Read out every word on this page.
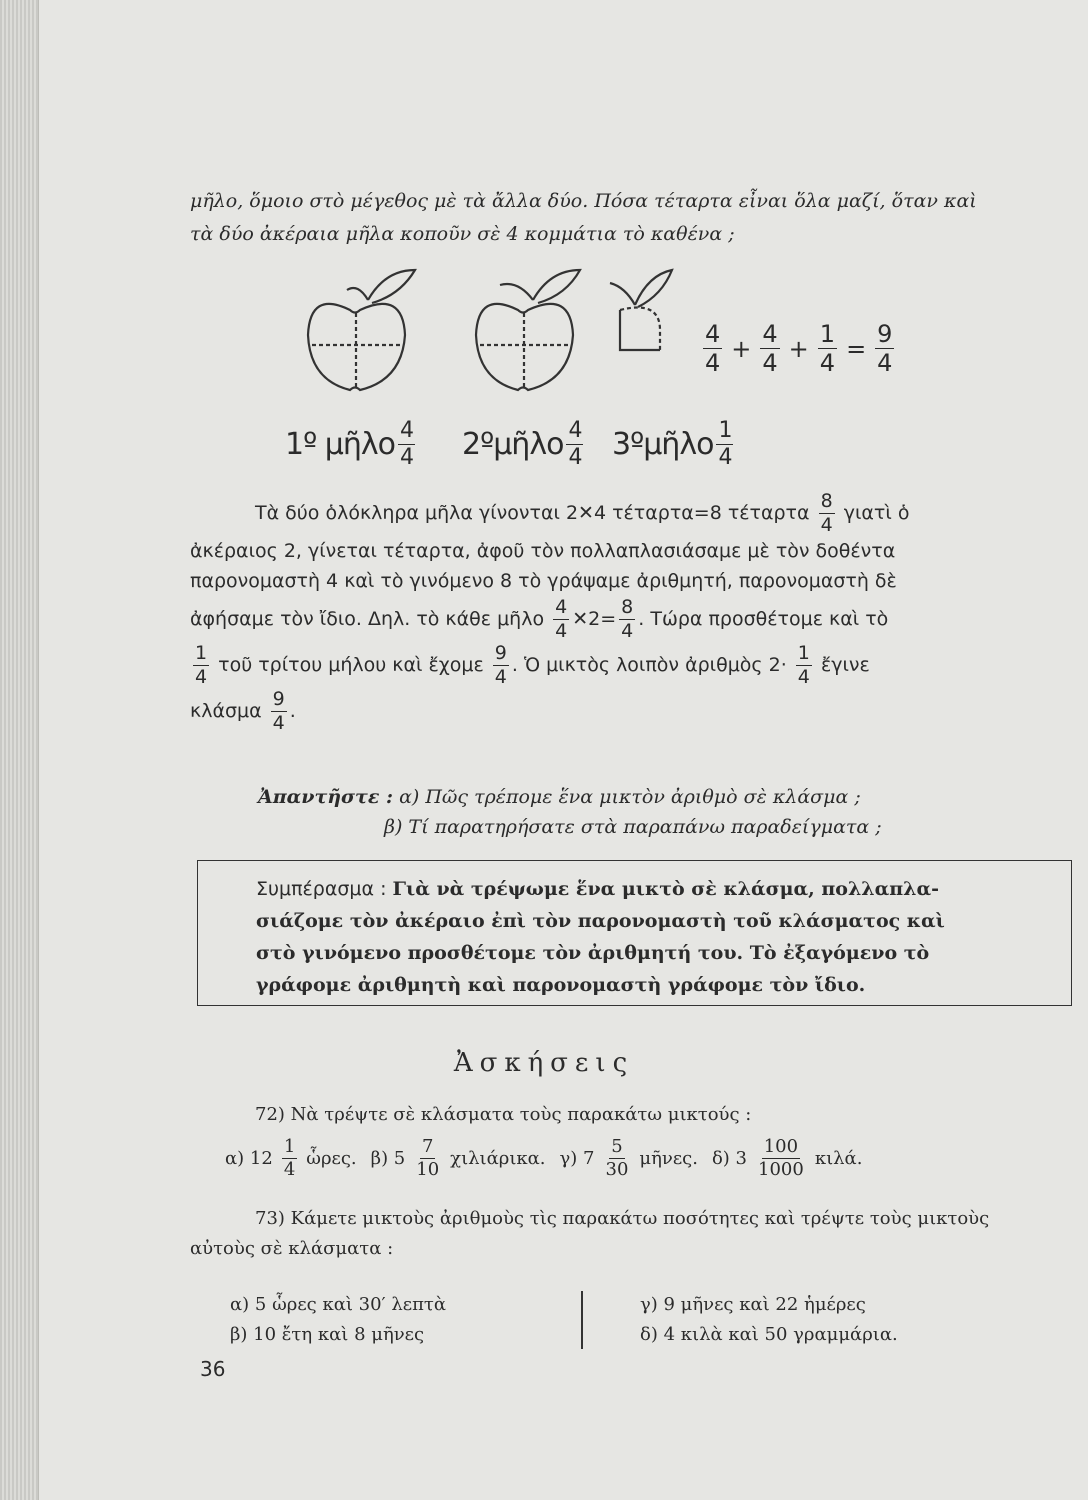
μῆλο, ὅμοιο στὸ μέγεθος μὲ τὰ ἄλλα δύο. Πόσα τέταρτα εἶναι ὅλα μαζί, ὅταν καὶ
τὰ δύο ἀκέραια μῆλα κοποῦν σὲ 4 κομμάτια τὸ καθένα ;
$\frac{4}{4} + \frac{4}{4} + \frac{1}{4} = \frac{9}{4}$
1º μῆλο $\frac{4}{4}$ 2ºμῆλο $\frac{4}{4}$ 3ºμῆλο $\frac{1}{4}$
Τὰ δύο ὁλόκληρα μῆλα γίνονται 2✕4 τέταρτα=8 τέταρτα $\frac{8}{4}$ γιατὶ ὁ
ἀκέραιος 2, γίνεται τέταρτα, ἀφοῦ τὸν πολλαπλασιάσαμε μὲ τὸν δοθέντα
παρονομαστὴ 4 καὶ τὸ γινόμενο 8 τὸ γράψαμε ἀριθμητή, παρονομαστὴ δὲ
ἀφήσαμε τὸν ἴδιο. Δηλ. τὸ κάθε μῆλο $\frac{4}{4}$ ✕2= $\frac{8}{4}$ . Τώρα προσθέτομε καὶ τὸ
$\frac{1}{4}$ τοῦ τρίτου μήλου καὶ ἔχομε $\frac{9}{4}$ . Ὁ μικτὸς λοιπὸν ἀριθμὸς $2\cdot \frac{1}{4}$ ἔγινε
κλάσμα $\frac{9}{4}$ .
Ἀπαντῆστε : α) Πῶς τρέπομε ἕνα μικτὸν ἀριθμὸ σὲ κλάσμα ;
β) Τί παρατηρήσατε στὰ παραπάνω παραδείγματα ;
Συμπέρασμα : Γιὰ νὰ τρέψωμε ἕνα μικτὸ σὲ κλάσμα, πολλαπλα-
σιάζομε τὸν ἀκέραιο ἐπὶ τὸν παρονομαστὴ τοῦ κλάσματος καὶ
στὸ γινόμενο προσθέτομε τὸν ἀριθμητή του. Τὸ ἐξαγόμενο τὸ
γράφομε ἀριθμητὴ καὶ παρονομαστὴ γράφομε τὸν ἴδιο.
Ἀσκήσεις
72) Νὰ τρέψτε σὲ κλάσματα τοὺς παρακάτω μικτούς :
α) $12 \frac{1}{4}$ ὧρες. β) $5 \frac{7}{10} \chi\iota\lambda\iota ά\rho\iota\kappa\alpha$. γ) $7 \frac{5}{30}$ μῆνες. δ) $3 \frac{100}{1000} \kappa\iota\lambda ά$.
73) Κάμετε μικτοὺς ἀριθμοὺς τὶς παρακάτω ποσότητες καὶ τρέψτε τοὺς μικτοὺς
αὐτοὺς σὲ κλάσματα :
α) 5 ὧρες καὶ 30′ λεπτὰ
β) 10 ἔτη καὶ 8 μῆνες
γ) 9 μῆνες καὶ 22 ἡμέρες
δ) 4 κιλὰ καὶ 50 γραμμάρια.
36
